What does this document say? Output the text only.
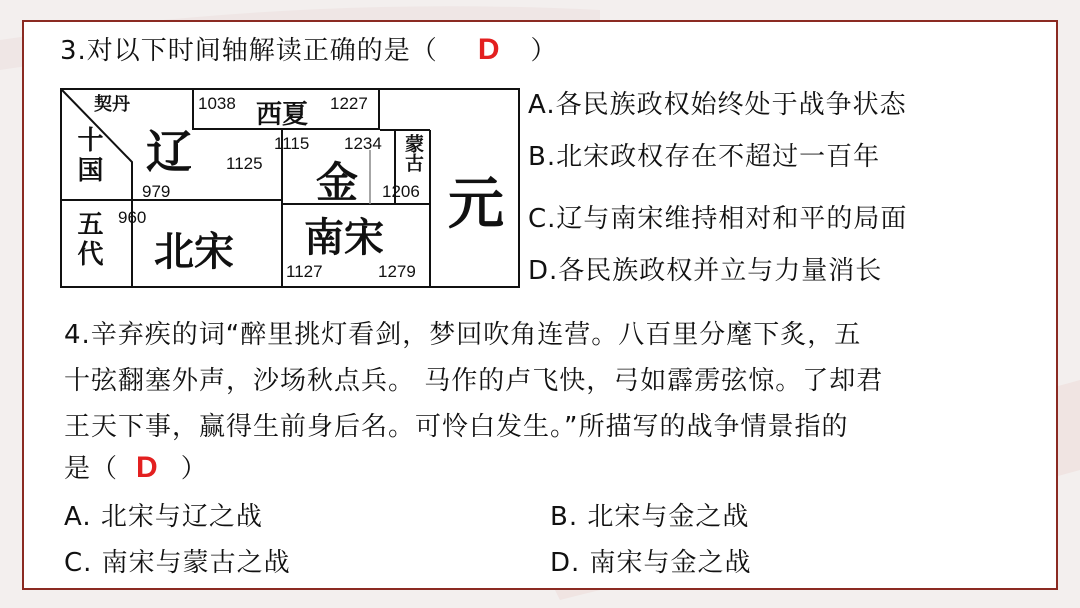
3.对以下时间轴解读正确的是（ D ）
契丹
十国 辽
西夏
金
蒙古
元
五代 北宋 南宋
1038	1227
1115 1234
1125
1206
979
960
1127	1279
A.各民族政权始终处于战争状态
B.北宋政权存在不超过一百年
C.辽与南宋维持相对和平的局面
D.各民族政权并立与力量消长
4.辛弃疾的词“醉里挑灯看剑，梦回吹角连营。八百里分麾下炙，五
十弦翻塞外声，沙场秋点兵。 马作的卢飞快，弓如霹雳弦惊。了却君
王天下事，赢得生前身后名。可怜白发生。”所描写的战争情景指的
是（ D ）
A. 北宋与辽之战	B. 北宋与金之战
C. 南宋与蒙古之战	D. 南宋与金之战
